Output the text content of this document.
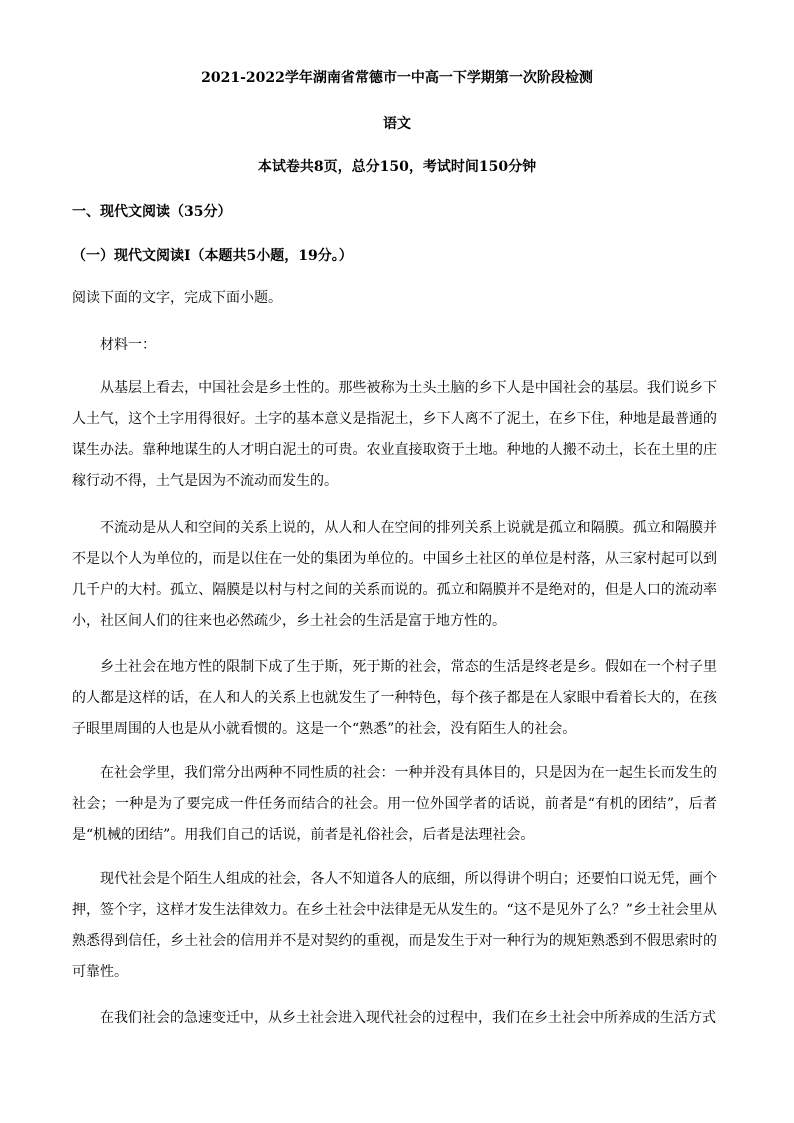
2021-2022学年湖南省常德市一中高一下学期第一次阶段检测
语文
本试卷共8页，总分150，考试时间150分钟
一、现代文阅读（35分）
（一）现代文阅读Ⅰ（本题共5小题，19分。）
阅读下面的文字，完成下面小题。
材料一：
从基层上看去，中国社会是乡土性的。那些被称为土头土脑的乡下人是中国社会的基层。我们说乡下人土气，这个土字用得很好。土字的基本意义是指泥土，乡下人离不了泥土，在乡下住，种地是最普通的谋生办法。靠种地谋生的人才明白泥土的可贵。农业直接取资于土地。种地的人搬不动土，长在土里的庄稼行动不得，土气是因为不流动而发生的。
不流动是从人和空间的关系上说的，从人和人在空间的排列关系上说就是孤立和隔膜。孤立和隔膜并不是以个人为单位的，而是以住在一处的集团为单位的。中国乡土社区的单位是村落，从三家村起可以到几千户的大村。孤立、隔膜是以村与村之间的关系而说的。孤立和隔膜并不是绝对的，但是人口的流动率小，社区间人们的往来也必然疏少，乡土社会的生活是富于地方性的。
乡土社会在地方性的限制下成了生于斯，死于斯的社会，常态的生活是终老是乡。假如在一个村子里的人都是这样的话，在人和人的关系上也就发生了一种特色，每个孩子都是在人家眼中看着长大的，在孩子眼里周围的人也是从小就看惯的。这是一个“熟悉”的社会，没有陌生人的社会。
在社会学里，我们常分出两种不同性质的社会：一种并没有具体目的，只是因为在一起生长而发生的社会；一种是为了要完成一件任务而结合的社会。用一位外国学者的话说，前者是“有机的团结”，后者是“机械的团结”。用我们自己的话说，前者是礼俗社会，后者是法理社会。
现代社会是个陌生人组成的社会，各人不知道各人的底细，所以得讲个明白；还要怕口说无凭，画个押，签个字，这样才发生法律效力。在乡土社会中法律是无从发生的。“这不是见外了么？”乡土社会里从熟悉得到信任，乡土社会的信用并不是对契约的重视，而是发生于对一种行为的规矩熟悉到不假思索时的可靠性。
在我们社会的急速变迁中，从乡土社会进入现代社会的过程中，我们在乡土社会中所养成的生活方式
